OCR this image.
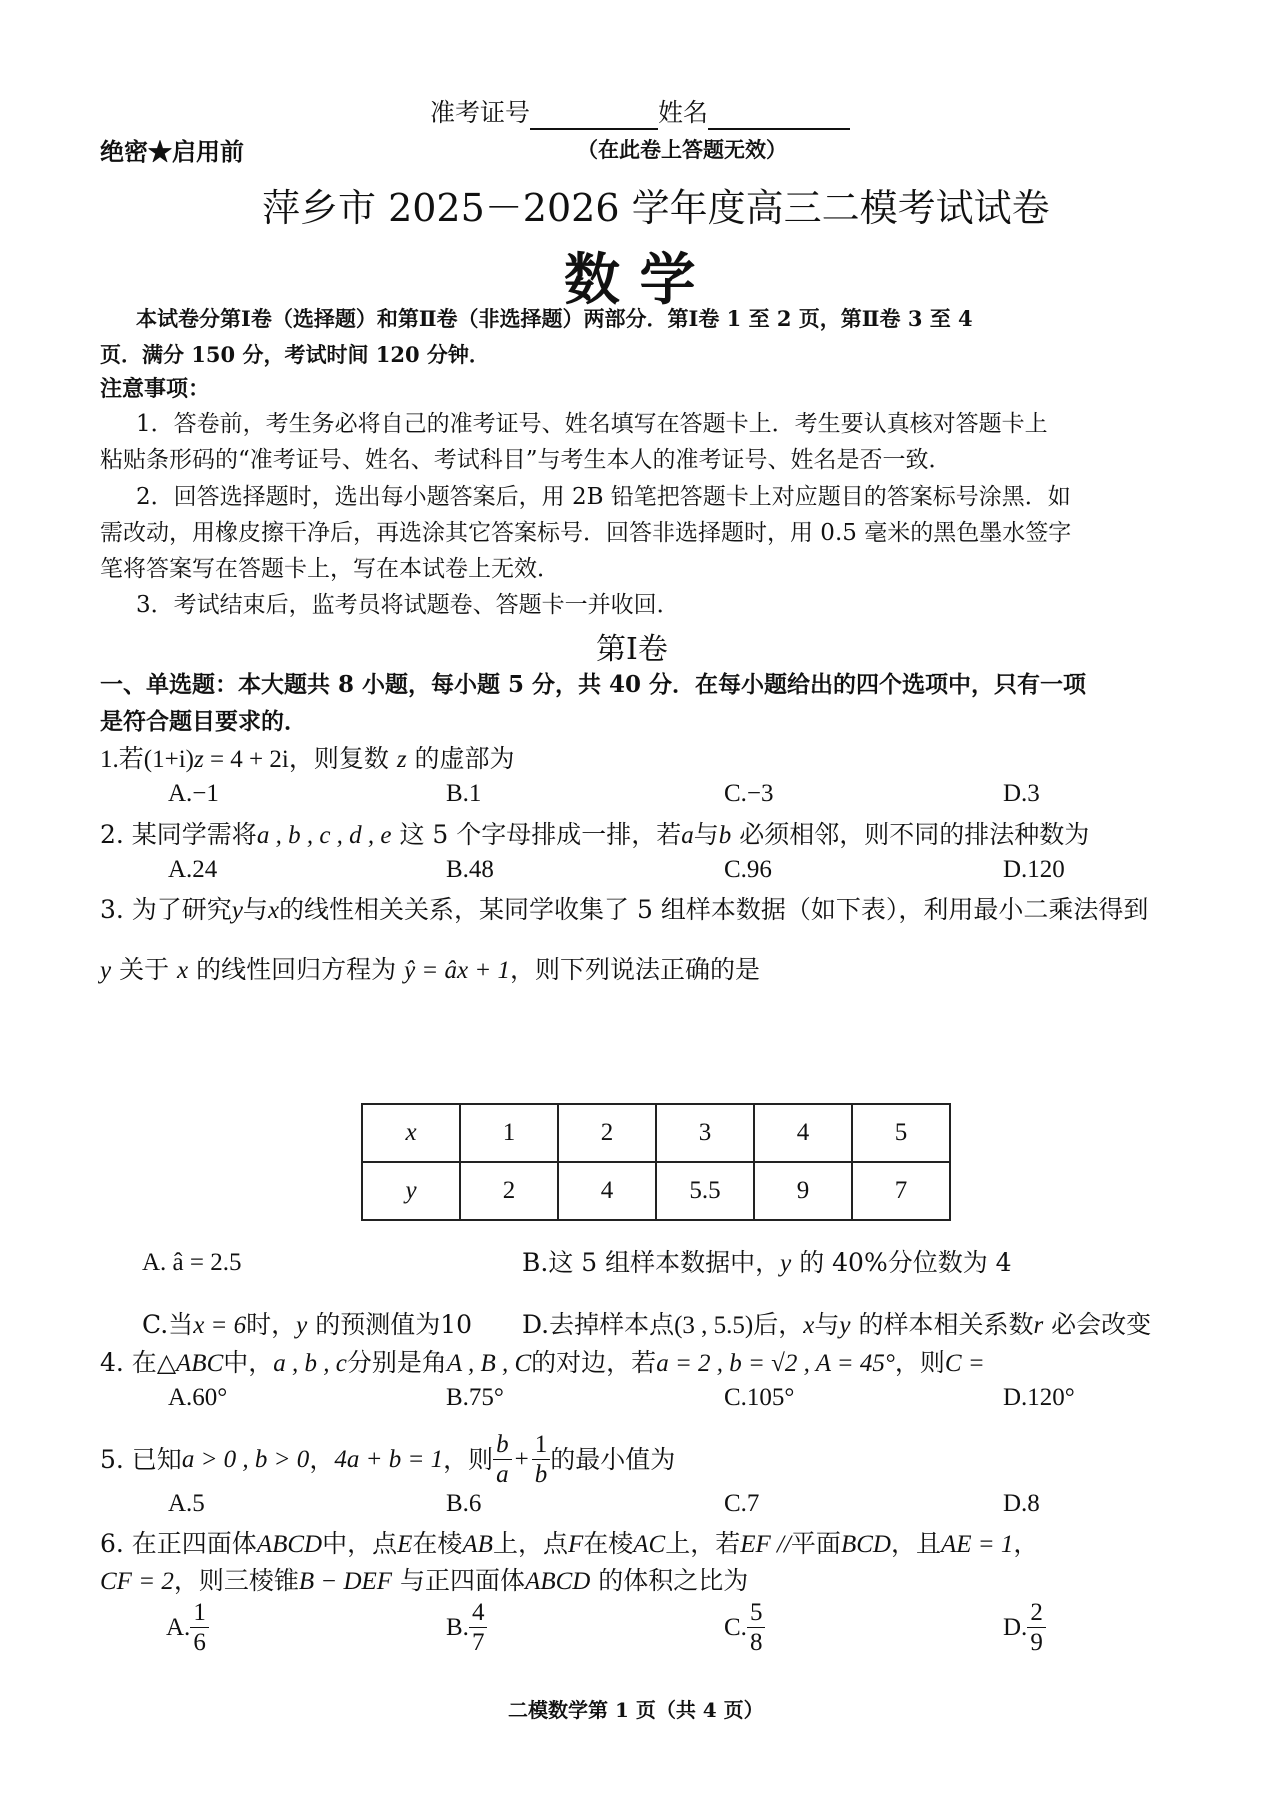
准考证号	姓名
绝密★启用前	（在此卷上答题无效）
萍乡市 2025－2026 学年度高三二模考试试卷
数 学
本试卷分第Ⅰ卷（选择题）和第Ⅱ卷（非选择题）两部分．第Ⅰ卷 1 至 2 页，第Ⅱ卷 3 至 4
页．满分 150 分，考试时间 120 分钟．
注意事项：
1．答卷前，考生务必将自己的准考证号、姓名填写在答题卡上．考生要认真核对答题卡上
粘贴条形码的“准考证号、姓名、考试科目”与考生本人的准考证号、姓名是否一致．
2．回答选择题时，选出每小题答案后，用 2B 铅笔把答题卡上对应题目的答案标号涂黑．如
需改动，用橡皮擦干净后，再选涂其它答案标号．回答非选择题时，用 0.5 毫米的黑色墨水签字
笔将答案写在答题卡上，写在本试卷上无效．
3．考试结束后，监考员将试题卷、答题卡一并收回．
第Ⅰ卷
一、单选题：本大题共 8 小题，每小题 5 分，共 40 分．在每小题给出的四个选项中，只有一项
是符合题目要求的．
1.若(1+i)z = 4 + 2i，则复数 z 的虚部为
A.−1	B.1	C.−3	D.3
2. 某同学需将a , b , c , d , e 这 5 个字母排成一排，若a与b 必须相邻，则不同的排法种数为
A.24	B.48	C.96	D.120
3. 为了研究y与x的线性相关关系，某同学收集了 5 组样本数据（如下表），利用最小二乘法得到
y 关于 x 的线性回归方程为 ŷ = âx + 1，则下列说法正确的是
x	1	2	3	4	5
y	2	4	5.5	9	7
A. â = 2.5	B.这 5 组样本数据中，y 的 40%分位数为 4
C.当x = 6时，y 的预测值为10 D.去掉样本点(3 , 5.5)后，x与y 的样本相关系数r 必会改变
4. 在△ABC中，a , b , c分别是角A , B , C的对边，若a = 2 , b = √2 , A = 45°，则C =
A.60°	B.75°	C.105°	D.120°
5. 已知 a > 0 , b > 0 ， 4a + b = 1 ，则 $\frac{b}{a} + \frac{1}{b}$ 的最小值为
A.5	B.6	C.7	D.8
6. 在正四面体ABCD中，点E在棱AB上，点F在棱AC上，若EF //平面BCD，且AE = 1，
CF = 2，则三棱锥B − DEF 与正四面体ABCD 的体积之比为
A. $\frac{1}{6}$	B. $\frac{4}{7}$	C. $\frac{5}{8}$	D. $\frac{2}{9}$
二模数学第 1 页（共 4 页）
